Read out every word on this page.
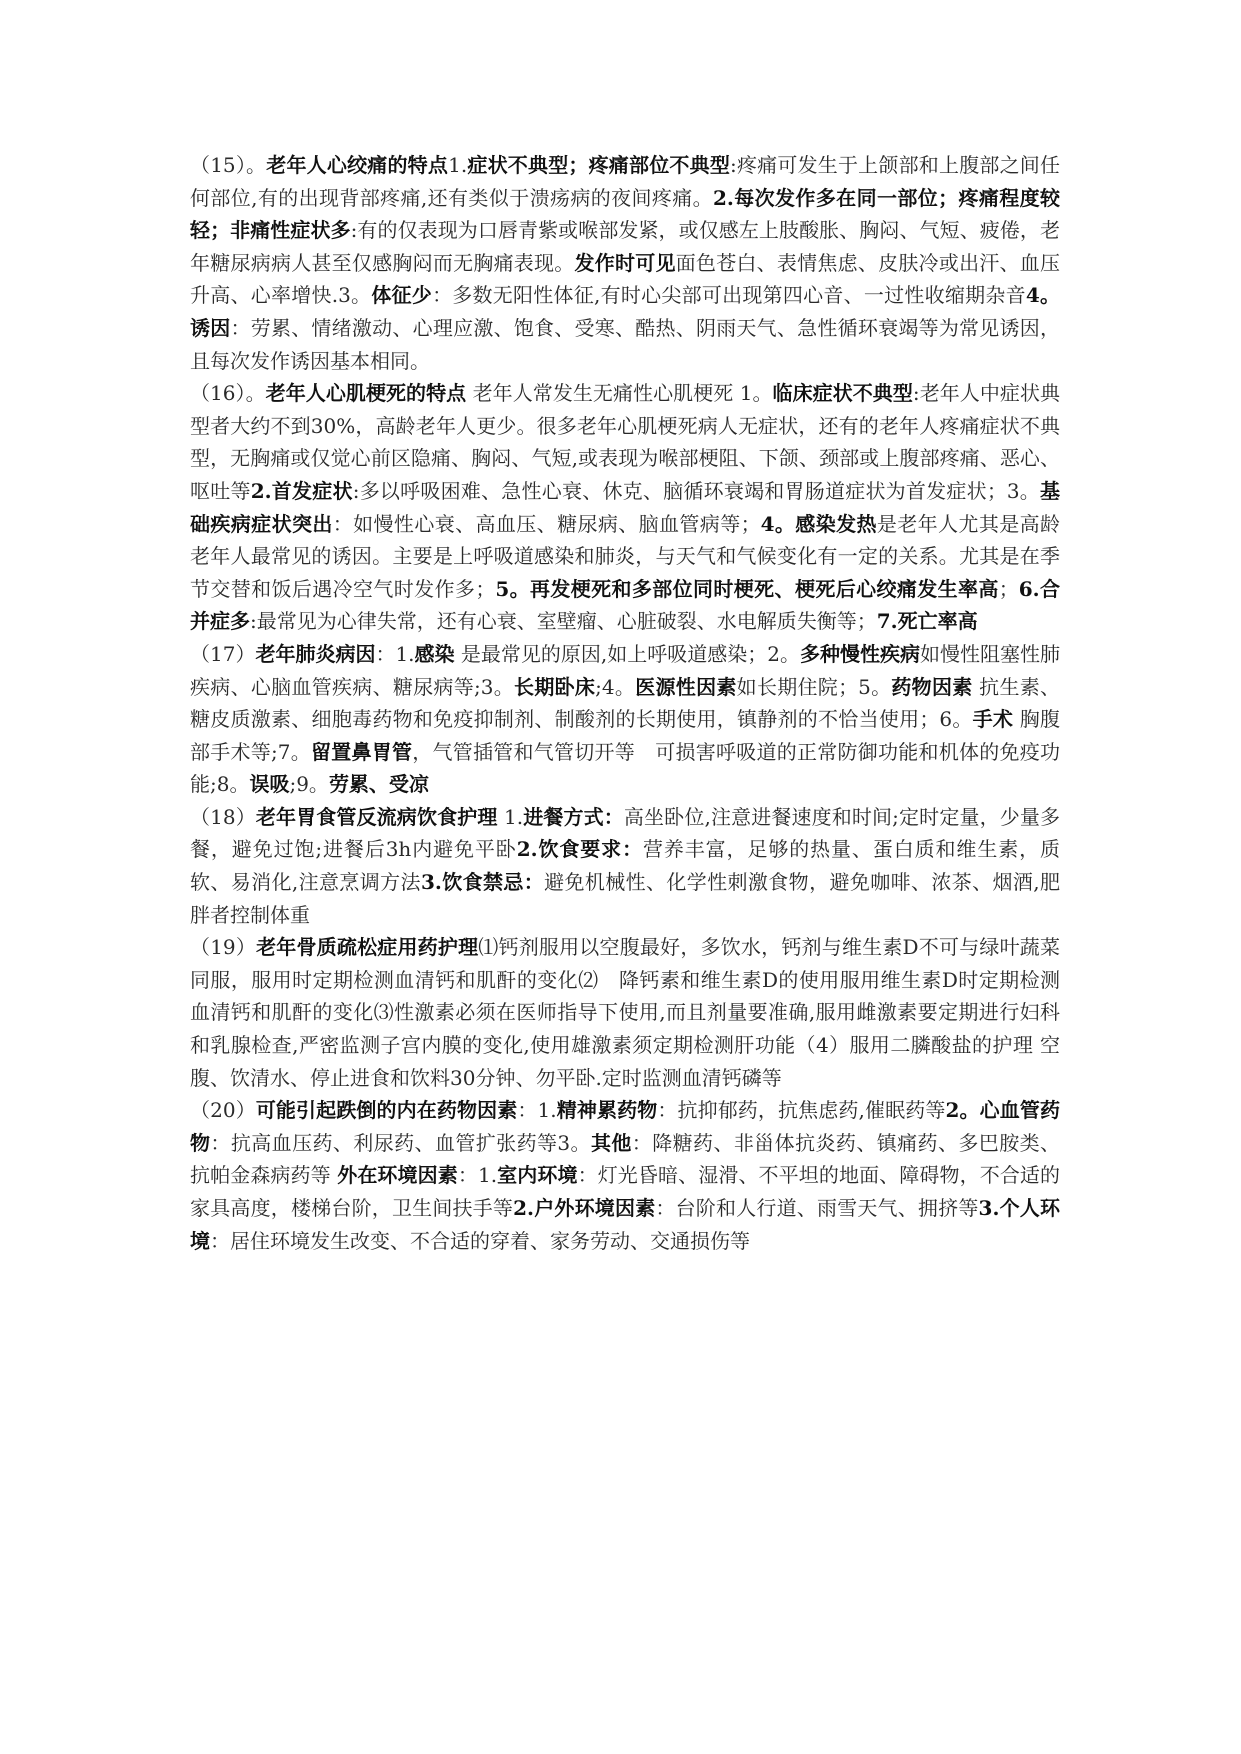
（15）。老年人心绞痛的特点1.症状不典型；疼痛部位不典型:疼痛可发生于上颌部和上腹部之间任何部位,有的出现背部疼痛,还有类似于溃疡病的夜间疼痛。2.每次发作多在同一部位；疼痛程度较轻；非痛性症状多:有的仅表现为口唇青紫或喉部发紧，或仅感左上肢酸胀、胸闷、气短、疲倦，老年糖尿病病人甚至仅感胸闷而无胸痛表现。发作时可见面色苍白、表情焦虑、皮肤冷或出汗、血压升高、心率增快.3。体征少：多数无阳性体征,有时心尖部可出现第四心音、一过性收缩期杂音4。诱因：劳累、情绪激动、心理应激、饱食、受寒、酷热、阴雨天气、急性循环衰竭等为常见诱因，且每次发作诱因基本相同。

（16）。老年人心肌梗死的特点 老年人常发生无痛性心肌梗死 1。临床症状不典型:老年人中症状典型者大约不到30%，高龄老年人更少。很多老年心肌梗死病人无症状，还有的老年人疼痛症状不典型，无胸痛或仅觉心前区隐痛、胸闷、气短,或表现为喉部梗阻、下颌、颈部或上腹部疼痛、恶心、呕吐等2.首发症状:多以呼吸困难、急性心衰、休克、脑循环衰竭和胃肠道症状为首发症状；3。基础疾病症状突出：如慢性心衰、高血压、糖尿病、脑血管病等；4。感染发热是老年人尤其是高龄老年人最常见的诱因。主要是上呼吸道感染和肺炎，与天气和气候变化有一定的关系。尤其是在季节交替和饭后遇冷空气时发作多；5。再发梗死和多部位同时梗死、梗死后心绞痛发生率高；6.合并症多:最常见为心律失常，还有心衰、室壁瘤、心脏破裂、水电解质失衡等；7.死亡率高

（17）老年肺炎病因：1.感染 是最常见的原因,如上呼吸道感染；2。多种慢性疾病如慢性阻塞性肺疾病、心脑血管疾病、糖尿病等;3。长期卧床;4。医源性因素如长期住院；5。药物因素 抗生素、糖皮质激素、细胞毒药物和免疫抑制剂、制酸剂的长期使用，镇静剂的不恰当使用；6。手术 胸腹部手术等;7。留置鼻胃管，气管插管和气管切开等　可损害呼吸道的正常防御功能和机体的免疫功能;8。误吸;9。劳累、受凉

（18）老年胃食管反流病饮食护理 1.进餐方式：高坐卧位,注意进餐速度和时间;定时定量，少量多餐，避免过饱;进餐后3h内避免平卧2.饮食要求：营养丰富，足够的热量、蛋白质和维生素，质软、易消化,注意烹调方法3.饮食禁忌：避免机械性、化学性刺激食物，避免咖啡、浓茶、烟酒,肥胖者控制体重

（19）老年骨质疏松症用药护理⑴钙剂服用以空腹最好，多饮水，钙剂与维生素D不可与绿叶蔬菜同服，服用时定期检测血清钙和肌酐的变化⑵　降钙素和维生素D的使用服用维生素D时定期检测血清钙和肌酐的变化⑶性激素必须在医师指导下使用,而且剂量要准确,服用雌激素要定期进行妇科和乳腺检查,严密监测子宫内膜的变化,使用雄激素须定期检测肝功能（4）服用二膦酸盐的护理 空腹、饮清水、停止进食和饮料30分钟、勿平卧.定时监测血清钙磷等

（20）可能引起跌倒的内在药物因素：1.精神累药物：抗抑郁药，抗焦虑药,催眠药等2。心血管药物：抗高血压药、利尿药、血管扩张药等3。其他：降糖药、非甾体抗炎药、镇痛药、多巴胺类、抗帕金森病药等 外在环境因素：1.室内环境：灯光昏暗、湿滑、不平坦的地面、障碍物，不合适的家具高度，楼梯台阶，卫生间扶手等2.户外环境因素：台阶和人行道、雨雪天气、拥挤等3.个人环境：居住环境发生改变、不合适的穿着、家务劳动、交通损伤等
